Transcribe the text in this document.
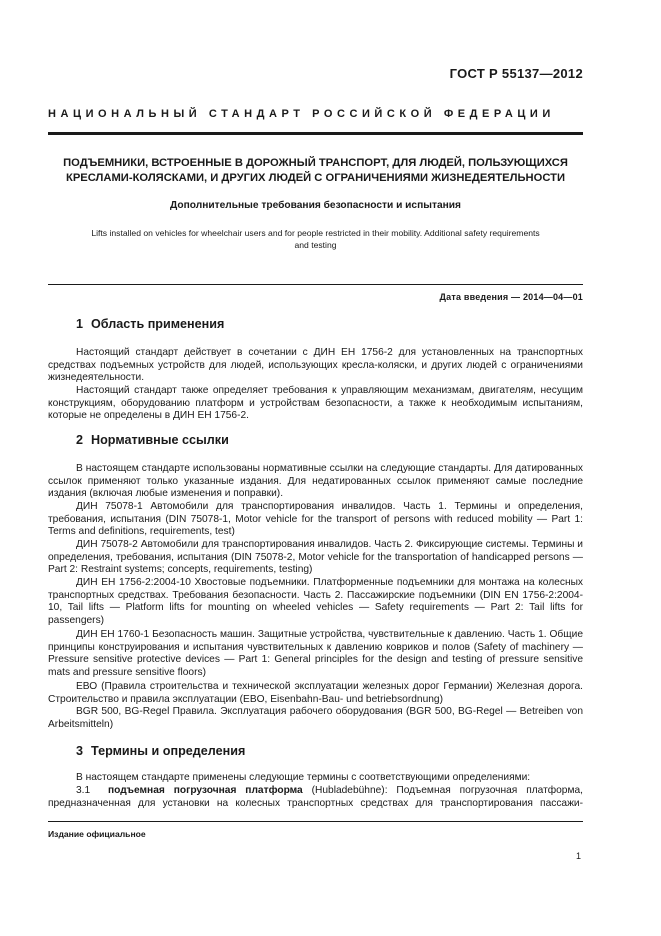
ГОСТ Р 55137—2012
НАЦИОНАЛЬНЫЙ СТАНДАРТ РОССИЙСКОЙ ФЕДЕРАЦИИ
ПОДЪЕМНИКИ, ВСТРОЕННЫЕ В ДОРОЖНЫЙ ТРАНСПОРТ, ДЛЯ ЛЮДЕЙ, ПОЛЬЗУЮЩИХСЯ
КРЕСЛАМИ-КОЛЯСКАМИ, И ДРУГИХ ЛЮДЕЙ С ОГРАНИЧЕНИЯМИ ЖИЗНЕДЕЯТЕЛЬНОСТИ
Дополнительные требования безопасности и испытания
Lifts installed on vehicles for wheelchair users and for people restricted in their mobility. Additional safety requirements
and testing
Дата введения — 2014—04—01
1 Область применения

Настоящий стандарт действует в сочетании с ДИН ЕН 1756-2 для установленных на транспортных средствах подъемных устройств для людей, использующих кресла-коляски, и других людей с ограничениями жизнедеятельности.

Настоящий стандарт также определяет требования к управляющим механизмам, двигателям, несущим конструкциям, оборудованию платформ и устройствам безопасности, а также к необходимым испытаниям, которые не определены в ДИН ЕН 1756-2.

2 Нормативные ссылки

В настоящем стандарте использованы нормативные ссылки на следующие стандарты. Для датированных ссылок применяют только указанные издания. Для недатированных ссылок применяют самые последние издания (включая любые изменения и поправки).

ДИН 75078-1 Автомобили для транспортирования инвалидов. Часть 1. Термины и определения, требования, испытания (DIN 75078-1, Motor vehicle for the transport of persons with reduced mobility — Part 1: Terms and definitions, requirements, test)

ДИН 75078-2 Автомобили для транспортирования инвалидов. Часть 2. Фиксирующие системы. Термины и определения, требования, испытания (DIN 75078-2, Motor vehicle for the transportation of handicapped persons — Part 2: Restraint systems; concepts, requirements, testing)

ДИН ЕН 1756-2:2004-10 Хвостовые подъемники. Платформенные подъемники для монтажа на колесных транспортных средствах. Требования безопасности. Часть 2. Пассажирские подъемники (DIN EN 1756-2:2004-10, Tail lifts — Platform lifts for mounting on wheeled vehicles — Safety requirements — Part 2: Tail lifts for passengers)

ДИН ЕН 1760-1 Безопасность машин. Защитные устройства, чувствительные к давлению. Часть 1. Общие принципы конструирования и испытания чувствительных к давлению ковриков и полов (Safety of machinery — Pressure sensitive protective devices — Part 1: General principles for the design and testing of pressure sensitive mats and pressure sensitive floors)

ЕВО (Правила строительства и технической эксплуатации железных дорог Германии) Железная дорога. Строительство и правила эксплуатации (EBO, Eisenbahn-Bau- und betriebsordnung)

BGR 500, BG-Regel Правила. Эксплуатация рабочего оборудования (BGR 500, BG-Regel — Betreiben von Arbeitsmitteln)

3 Термины и определения

В настоящем стандарте применены следующие термины с соответствующими определениями:

3.1 подъемная погрузочная платформа (Hubladebühne): Подъемная погрузочная платформа, предназначенная для установки на колесных транспортных средствах для транспортирования пассажи-

Издание официальное
1
